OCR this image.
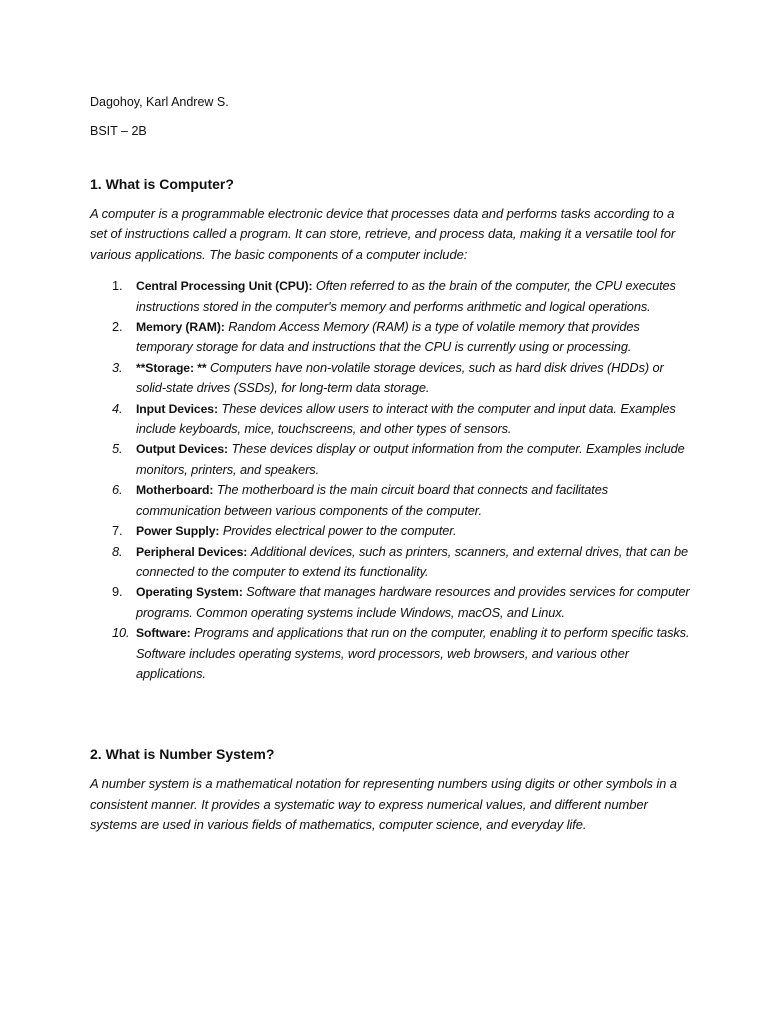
Dagohoy, Karl Andrew S.

BSIT – 2B

1. What is Computer?

A computer is a programmable electronic device that processes data and performs tasks according to a set of instructions called a program. It can store, retrieve, and process data, making it a versatile tool for various applications. The basic components of a computer include:

1. Central Processing Unit (CPU): Often referred to as the brain of the computer, the CPU executes instructions stored in the computer's memory and performs arithmetic and logical operations.
2. Memory (RAM): Random Access Memory (RAM) is a type of volatile memory that provides temporary storage for data and instructions that the CPU is currently using or processing.
3. **Storage: ** Computers have non-volatile storage devices, such as hard disk drives (HDDs) or solid-state drives (SSDs), for long-term data storage.
4. Input Devices: These devices allow users to interact with the computer and input data. Examples include keyboards, mice, touchscreens, and other types of sensors.
5. Output Devices: These devices display or output information from the computer. Examples include monitors, printers, and speakers.
6. Motherboard: The motherboard is the main circuit board that connects and facilitates communication between various components of the computer.
7. Power Supply: Provides electrical power to the computer.
8. Peripheral Devices: Additional devices, such as printers, scanners, and external drives, that can be connected to the computer to extend its functionality.
9. Operating System: Software that manages hardware resources and provides services for computer programs. Common operating systems include Windows, macOS, and Linux.
10. Software: Programs and applications that run on the computer, enabling it to perform specific tasks. Software includes operating systems, word processors, web browsers, and various other applications.
2. What is Number System?

A number system is a mathematical notation for representing numbers using digits or other symbols in a consistent manner. It provides a systematic way to express numerical values, and different number systems are used in various fields of mathematics, computer science, and everyday life.
